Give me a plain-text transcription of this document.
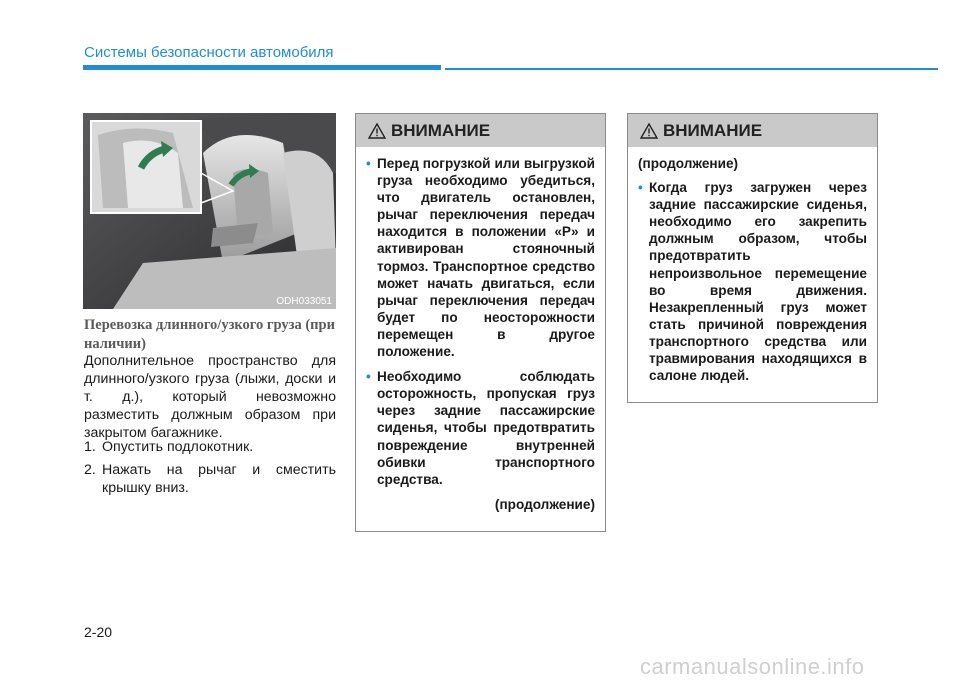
Системы безопасности автомобиля
ODH033051
Перевозка длинного/узкого груза (при наличии)
Дополнительное пространство для длинного/узкого груза (лыжи, доски и т. д.), который невозможно разместить должным образом при закрытом багажнике.
1. Опустить подлокотник.
2. Нажать на рычаг и сместить крышку вниз.
ВНИМАНИЕ
• Перед погрузкой или выгрузкой груза необходимо убедиться, что двигатель остановлен, рычаг переключения передач находится в положении «P» и активирован стояночный тормоз. Транспортное средство может начать двигаться, если рычаг переключения передач будет по неосторожности перемещен в другое положение.
• Необходимо соблюдать осторожность, пропуская груз через задние пассажирские сиденья, чтобы предотвратить повреждение внутренней обивки транспортного средства.
(продолжение)
ВНИМАНИЕ
(продолжение)
• Когда груз загружен через задние пассажирские сиденья, необходимо его закрепить должным образом, чтобы предотвратить непроизвольное перемещение во время движения. Незакрепленный груз может стать причиной повреждения транспортного средства или травмирования находящихся в салоне людей.
2-20
carmanualsonline.info
